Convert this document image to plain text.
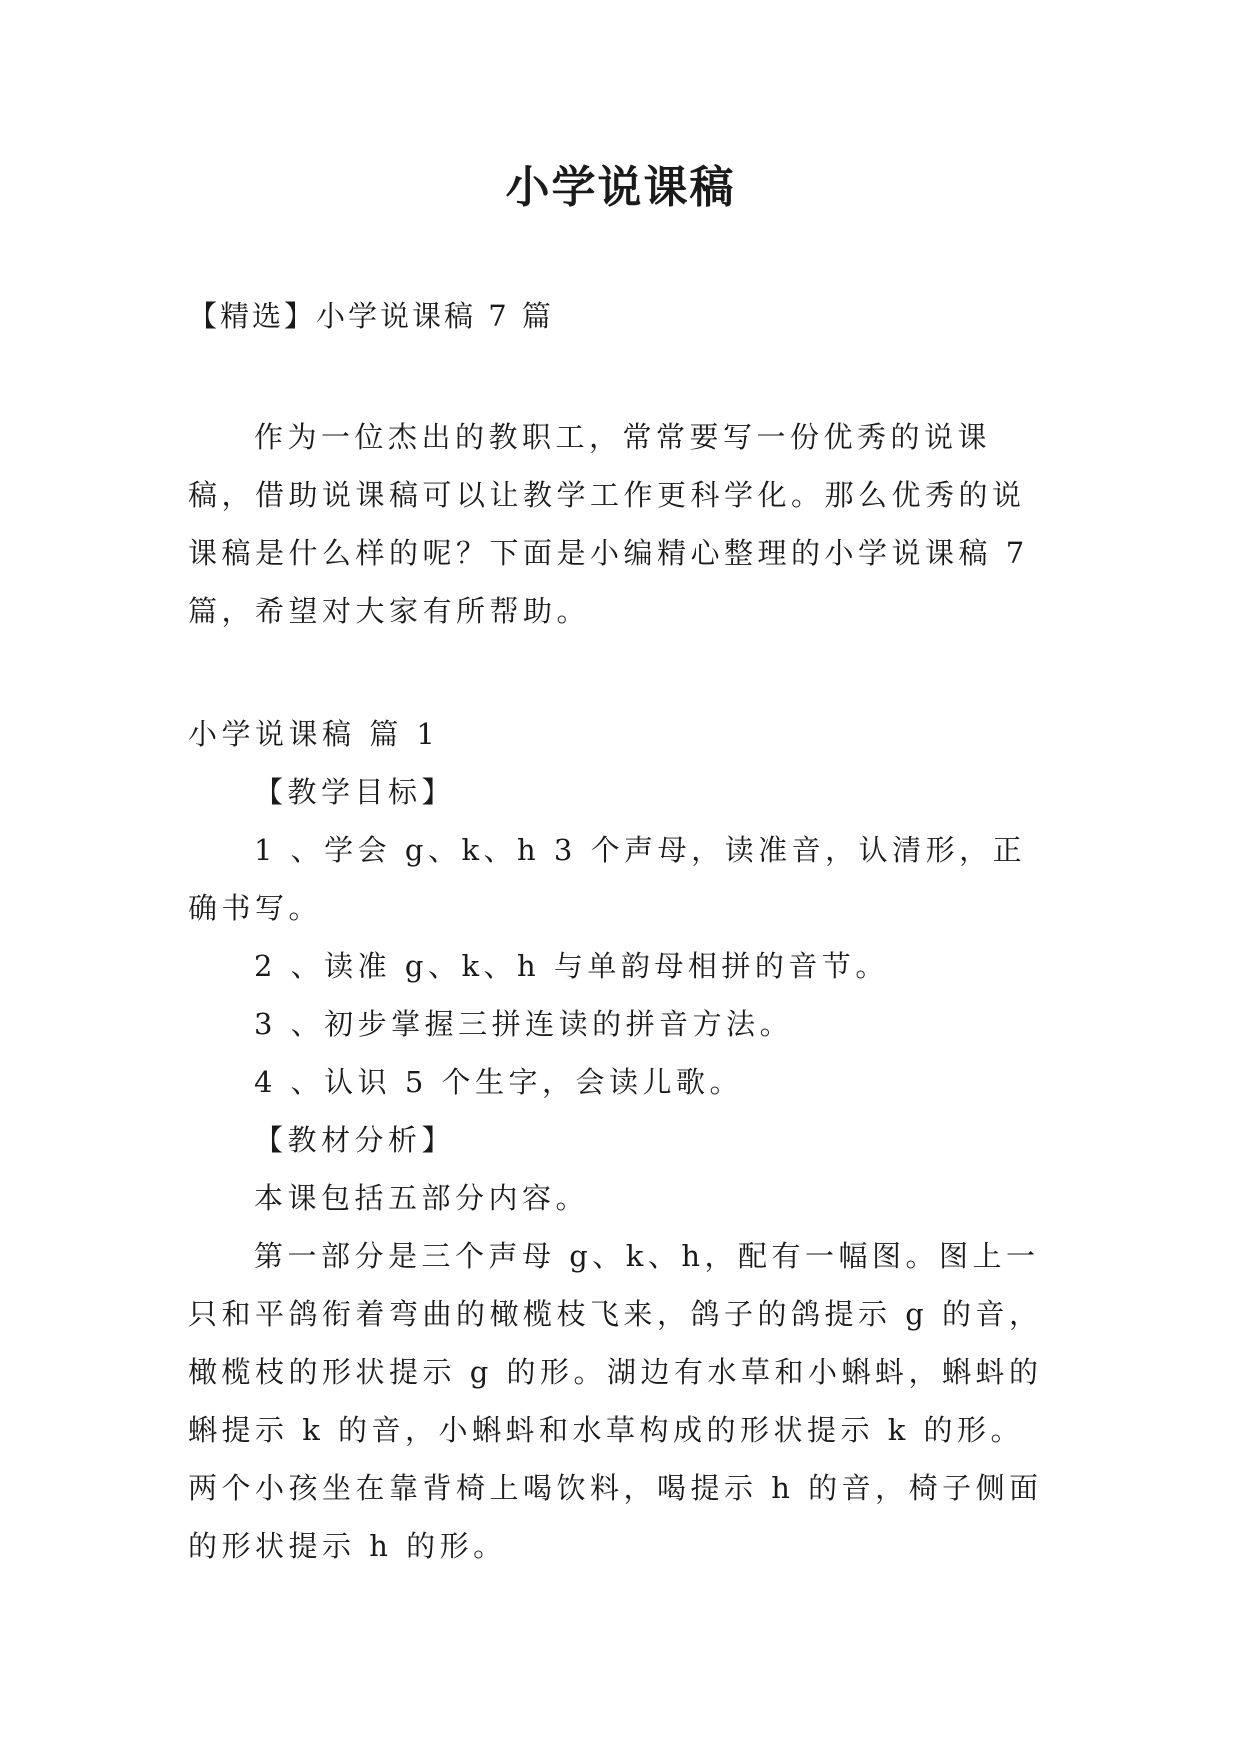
小学说课稿
【精选】小学说课稿 7 篇

作为一位杰出的教职工，常常要写一份优秀的说课稿，借助说课稿可以让教学工作更科学化。那么优秀的说课稿是什么样的呢？下面是小编精心整理的小学说课稿 7 篇，希望对大家有所帮助。

小学说课稿 篇 1

【教学目标】

1 、学会 g、k、h 3 个声母，读准音，认清形，正确书写。

2 、读准 g、k、h 与单韵母相拼的音节。

3 、初步掌握三拼连读的拼音方法。

4 、认识 5 个生字，会读儿歌。

【教材分析】

本课包括五部分内容。

第一部分是三个声母 g、k、h，配有一幅图。图上一只和平鸽衔着弯曲的橄榄枝飞来，鸽子的鸽提示 g 的音，橄榄枝的形状提示 g 的形。湖边有水草和小蝌蚪，蝌蚪的蝌提示 k 的音，小蝌蚪和水草构成的形状提示 k 的形。两个小孩坐在靠背椅上喝饮料，喝提示 h 的音，椅子侧面的形状提示 h 的形。
